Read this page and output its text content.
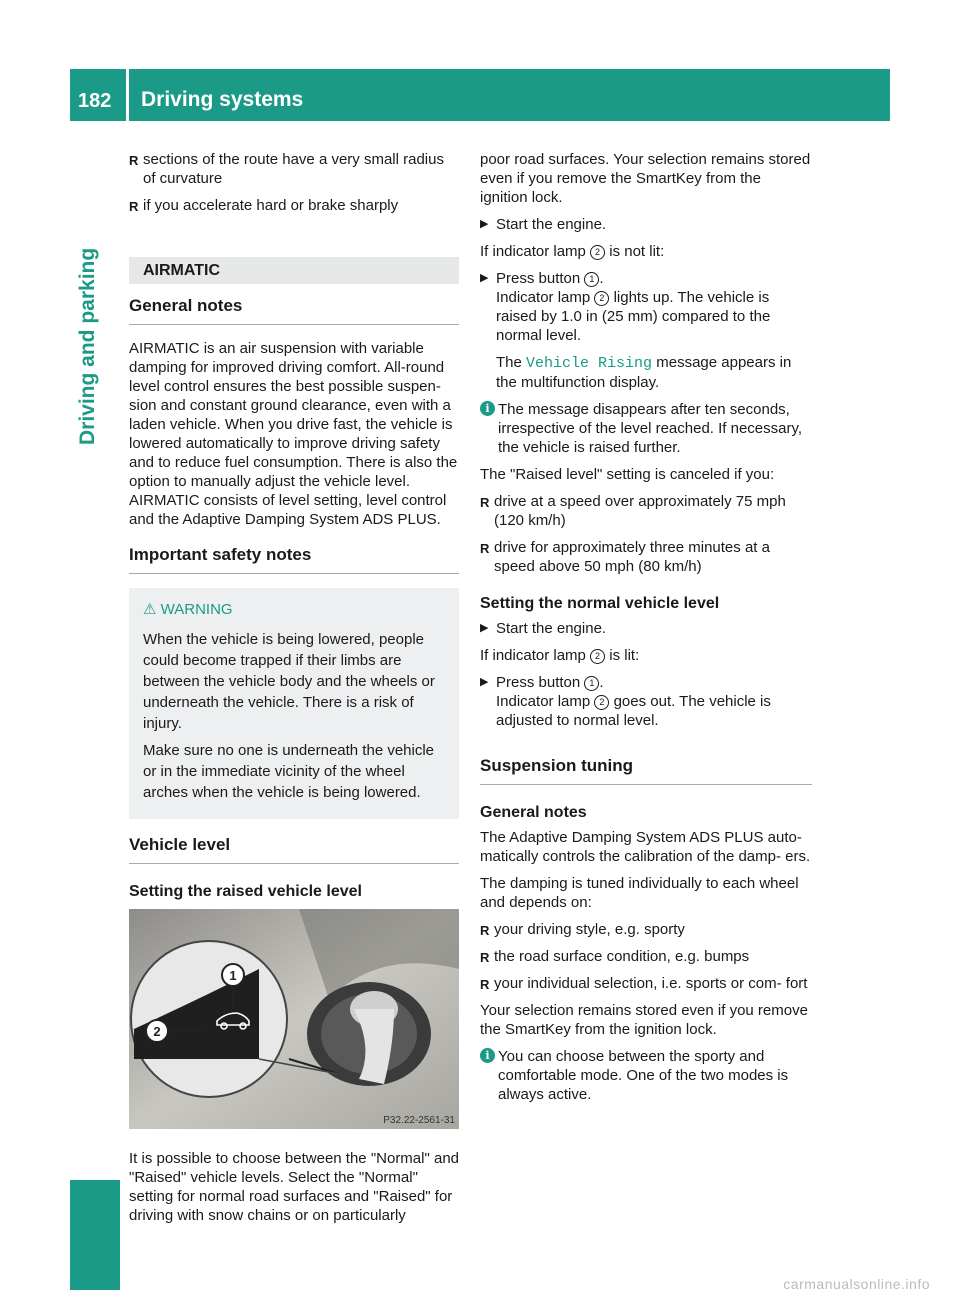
182 Driving systems
Driving and parking
R sections of the route have a very small radius of curvature
R if you accelerate hard or brake sharply
AIRMATIC
General notes

AIRMATIC is an air suspension with variable damping for improved driving comfort. All-round level control ensures the best possible suspen- sion and constant ground clearance, even with a laden vehicle. When you drive fast, the vehicle is lowered automatically to improve driving safety and to reduce fuel consumption. There is also the option to manually adjust the vehicle level. AIRMATIC consists of level setting, level control and the Adaptive Damping System ADS PLUS.

Important safety notes
⚠ WARNING

When the vehicle is being lowered, people could become trapped if their limbs are between the vehicle body and the wheels or underneath the vehicle. There is a risk of injury.

Make sure no one is underneath the vehicle or in the immediate vicinity of the wheel arches when the vehicle is being lowered.

Vehicle level
Setting the raised vehicle level
1
2
P32.22-2561-31

It is possible to choose between the "Normal" and "Raised" vehicle levels. Select the "Normal" setting for normal road surfaces and "Raised" for driving with snow chains or on particularly

poor road surfaces. Your selection remains stored even if you remove the SmartKey from the ignition lock.

▶ Start the engine.

If indicator lamp 2 is not lit:

▶ Press button 1 .
Indicator lamp 2 lights up. The vehicle is raised by 1.0 in (25 mm) compared to the normal level.
The Vehicle Rising message appears in the multifunction display.
i The message disappears after ten seconds, irrespective of the level reached. If necessary, the vehicle is raised further.

The "Raised level" setting is canceled if you:

R drive at a speed over approximately 75 mph (120 km/h)
R drive for approximately three minutes at a speed above 50 mph (80 km/h)
Setting the normal vehicle level
▶ Start the engine.

If indicator lamp 2 is lit:

▶ Press button 1 .
Indicator lamp 2 goes out. The vehicle is adjusted to normal level.
Suspension tuning
General notes

The Adaptive Damping System ADS PLUS auto- matically controls the calibration of the damp- ers.

The damping is tuned individually to each wheel and depends on:

R your driving style, e.g. sporty
R the road surface condition, e.g. bumps
R your individual selection, i.e. sports or com- fort

Your selection remains stored even if you remove the SmartKey from the ignition lock.

i You can choose between the sporty and comfortable mode. One of the two modes is always active.
carmanualsonline.info
